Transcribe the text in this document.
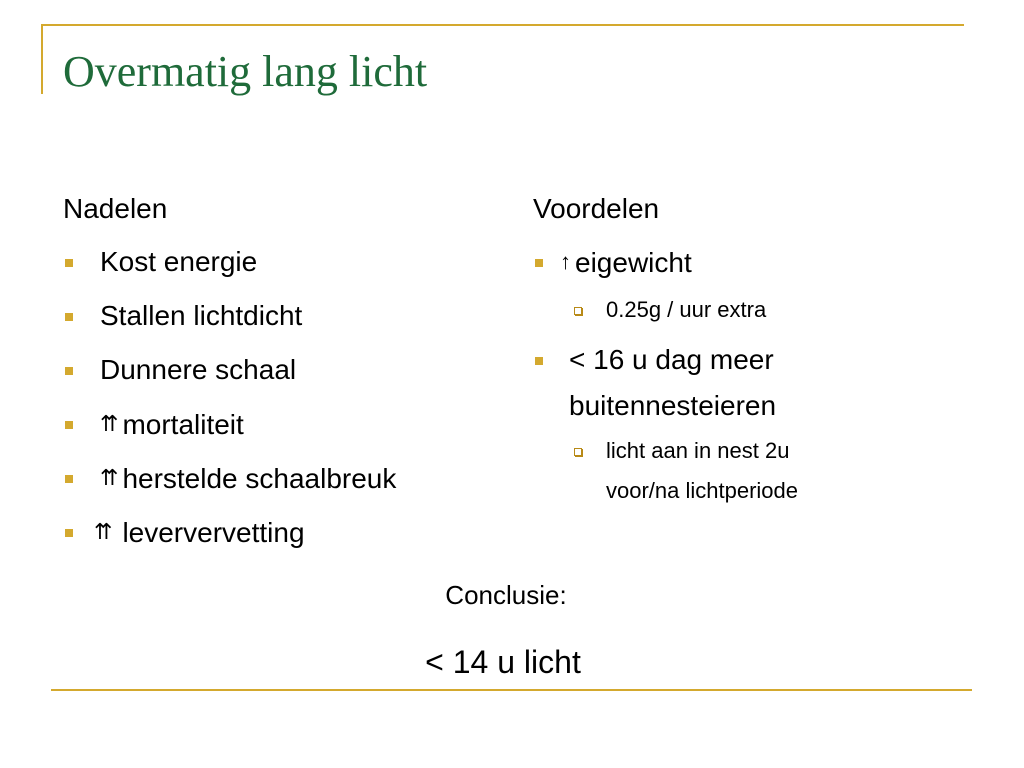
Overmatig lang licht
Nadelen
Kost energie
Stallen lichtdicht
Dunnere schaal
⇈ mortaliteit
⇈ herstelde schaalbreuk
⇈ leververvetting
Voordelen
↑ eigewicht
0.25g / uur extra
< 16 u dag meer
buitennesteieren
licht aan in nest 2u
voor/na lichtperiode
Conclusie:
< 14 u licht
